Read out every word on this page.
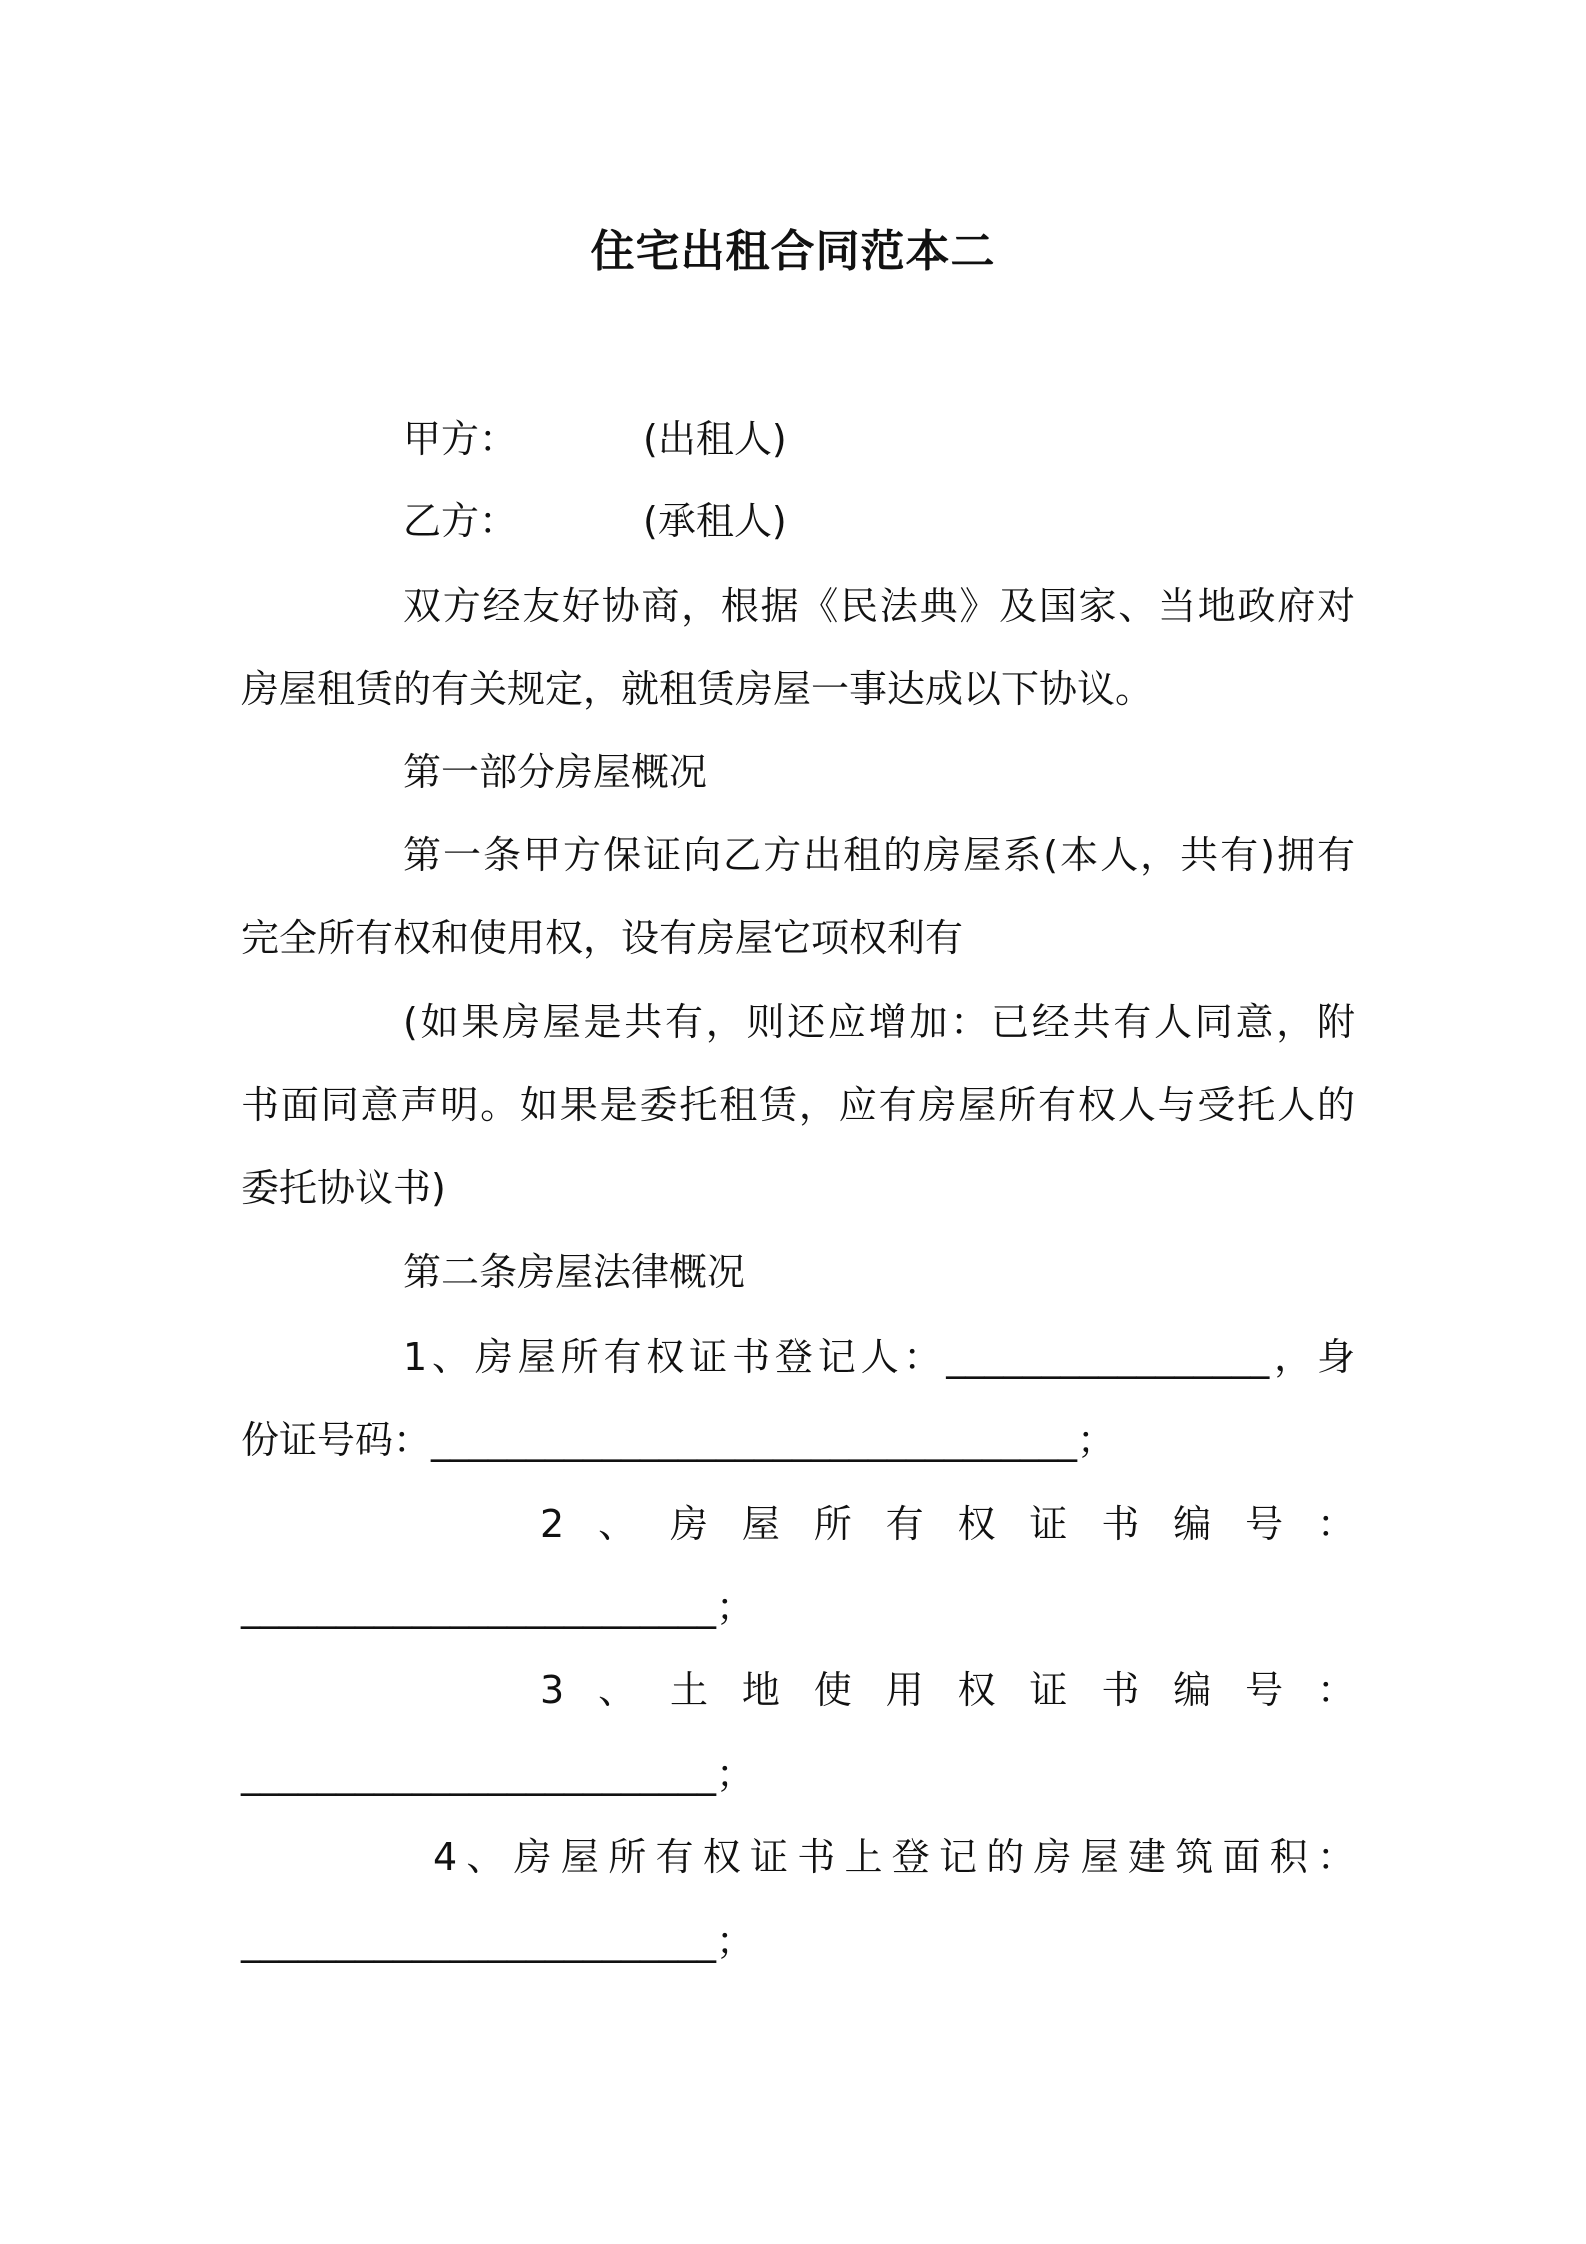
住宅出租合同范本二
甲方：	(出租人)
乙方：	(承租人)
双方经友好协商，根据《民法典》及国家、当地政府对
房屋租赁的有关规定，就租赁房屋一事达成以下协议。
第一部分房屋概况
第一条甲方保证向乙方出租的房屋系(本人，共有)拥有
完全所有权和使用权，设有房屋它项权利有
(如果房屋是共有，则还应增加：已经共有人同意，附
书面同意声明。如果是委托租赁，应有房屋所有权人与受托人的
委托协议书)
第二条房屋法律概况
1、房屋所有权证书登记人：_________________，身
份证号码：__________________________________；
2、房屋所有权证书编号：
_________________________；
3、土地使用权证书编号：
_________________________；
4、房屋所有权证书上登记的房屋建筑面积：
_________________________；
